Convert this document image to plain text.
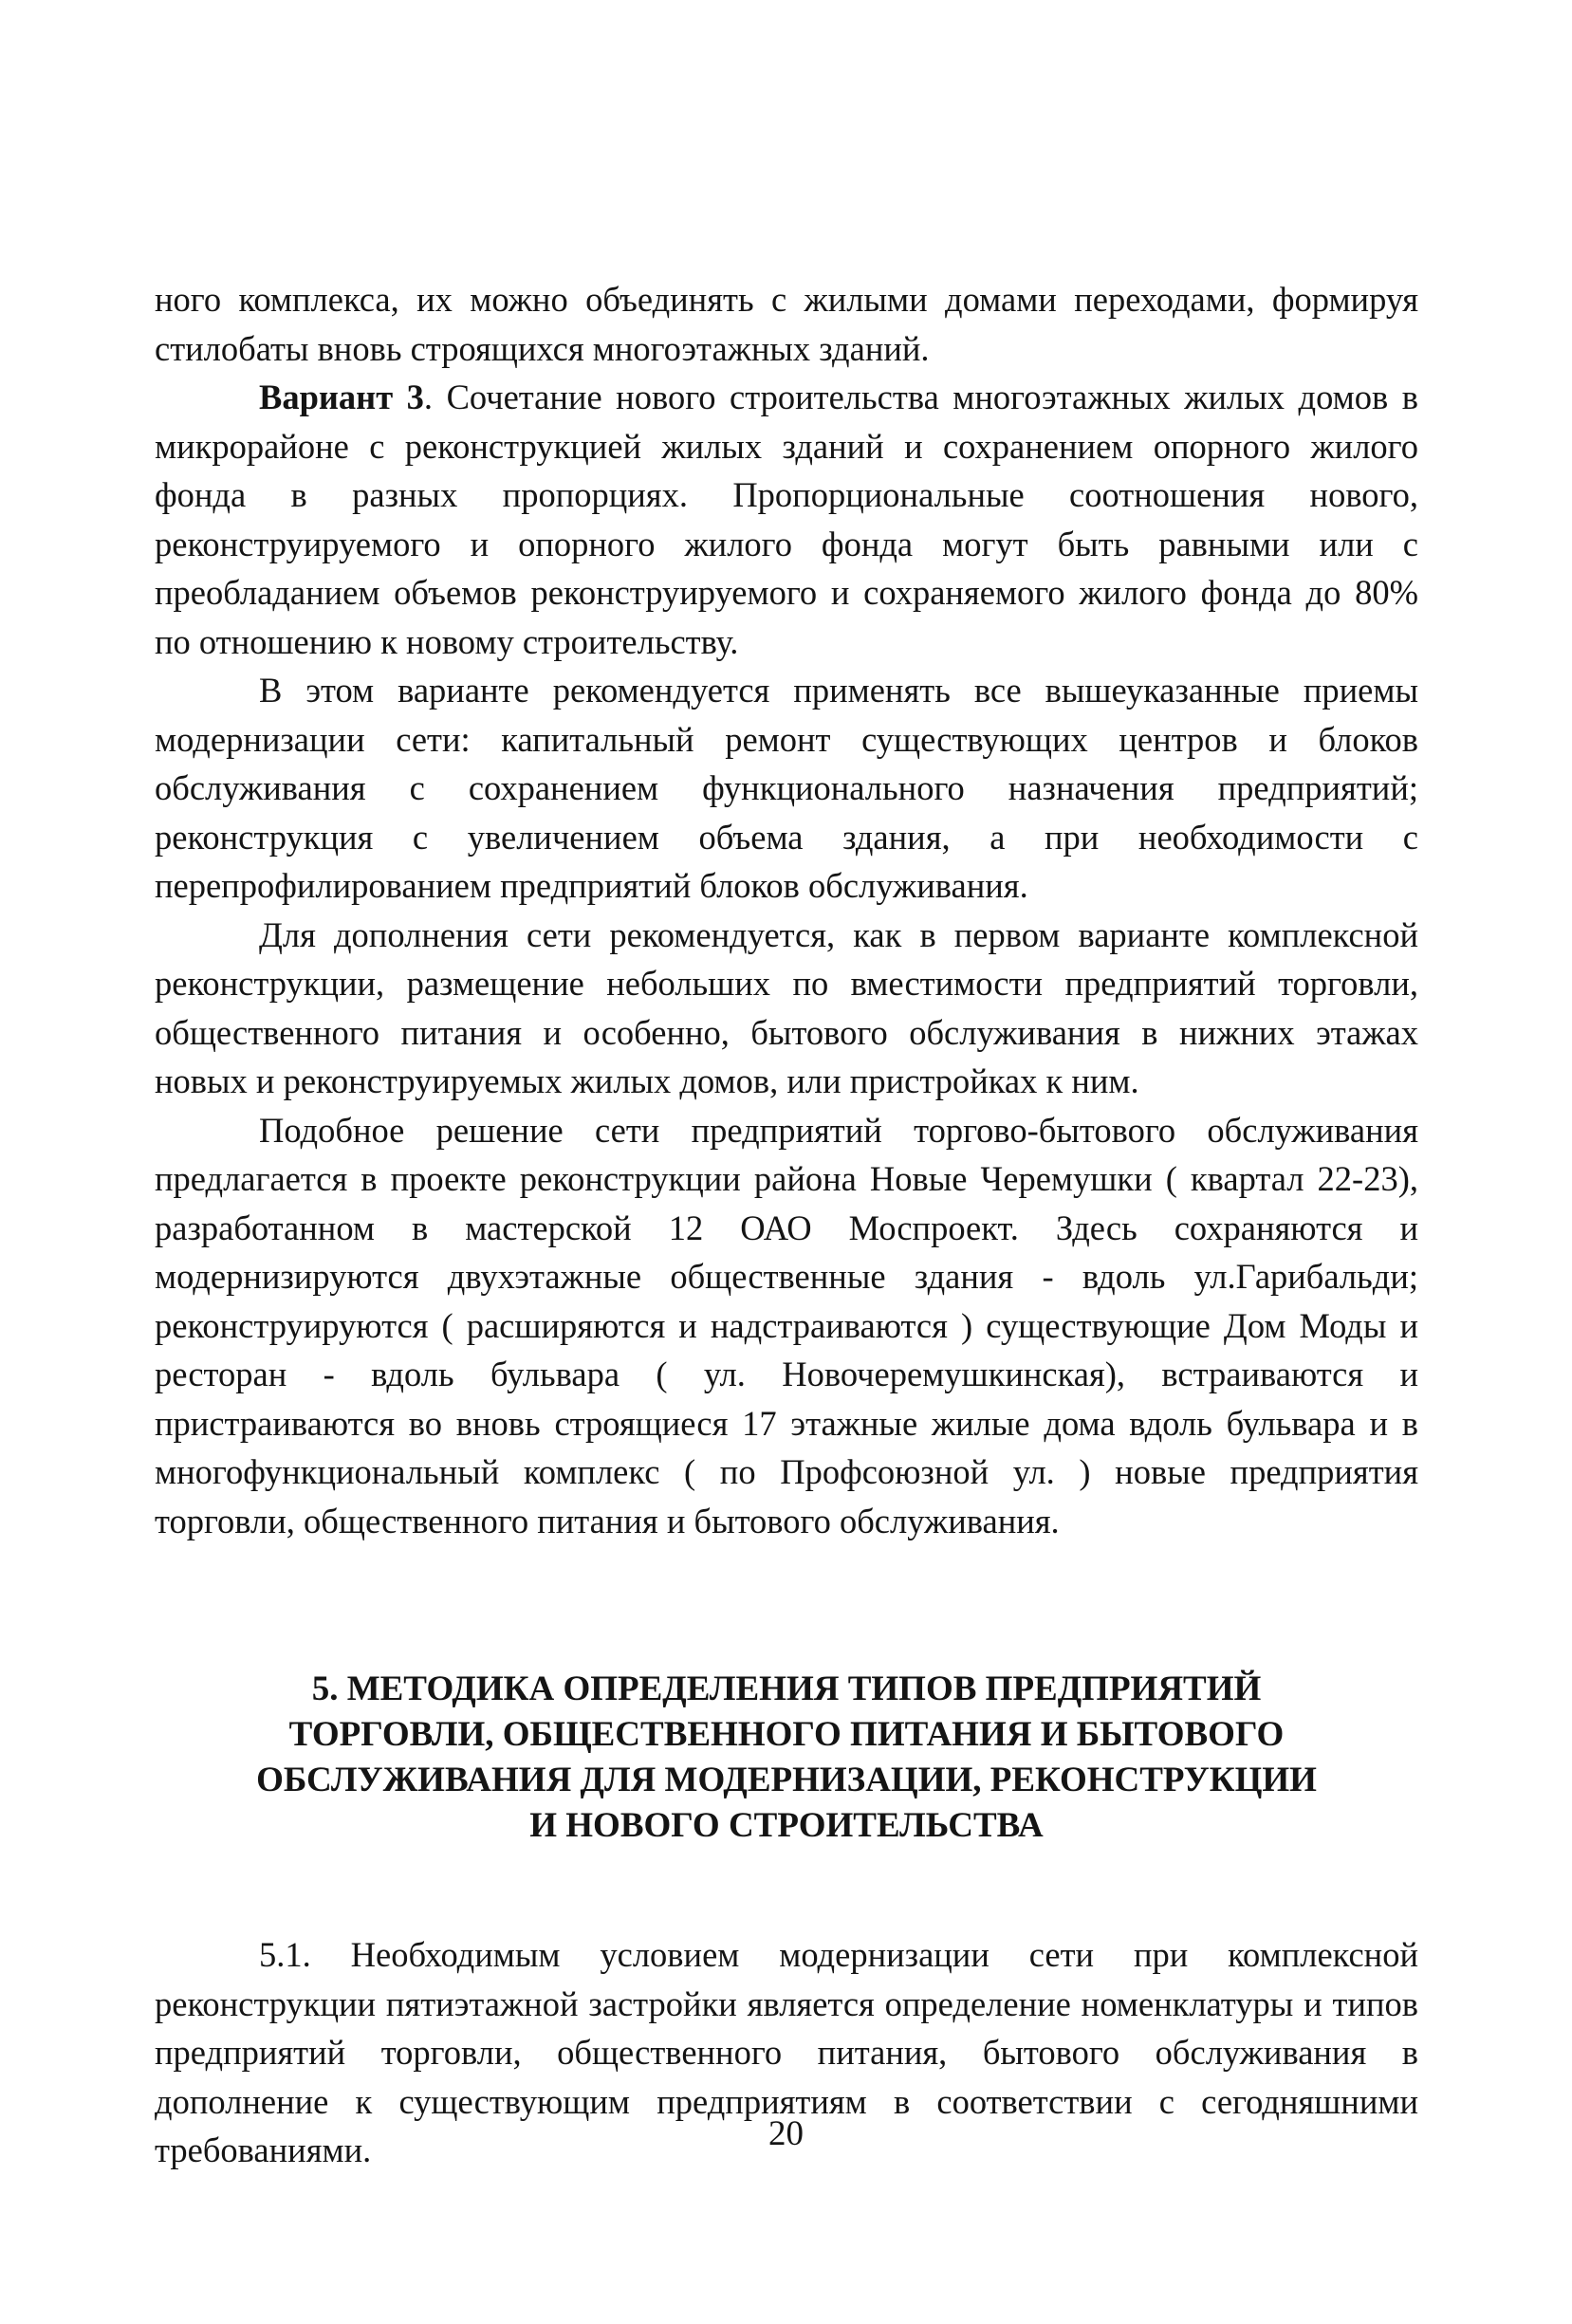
ного комплекса, их можно объединять с жилыми домами переходами, формируя стилобаты вновь строящихся многоэтажных зданий.

Вариант 3. Сочетание нового строительства многоэтажных жилых домов в микрорайоне с реконструкцией жилых зданий и сохранением опорного жилого фонда в разных пропорциях. Пропорциональные соотношения нового, реконструируемого и опорного жилого фонда могут быть равными или с преобладанием объемов реконструируемого и сохраняемого жилого фонда до 80% по отношению к новому строительству.

В этом варианте рекомендуется применять все вышеуказанные приемы модернизации сети: капитальный ремонт существующих центров и блоков обслуживания с сохранением функционального назначения предприятий; реконструкция с увеличением объема здания, а при необходимости с перепрофилированием предприятий блоков обслуживания.

Для дополнения сети рекомендуется, как в первом варианте комплексной реконструкции, размещение небольших по вместимости предприятий торговли, общественного питания и особенно, бытового обслуживания в нижних этажах новых и реконструируемых жилых домов, или пристройках к ним.

Подобное решение сети предприятий торгово-бытового обслуживания предлагается в проекте реконструкции района Новые Черемушки ( квартал 22-23), разработанном в мастерской 12 ОАО Моспроект. Здесь сохраняются и модернизируются двухэтажные общественные здания - вдоль ул.Гарибальди; реконструируются ( расширяются и надстраиваются ) существующие Дом Моды и ресторан - вдоль бульвара ( ул. Новочеремушкинская), встраиваются и пристраиваются во вновь строящиеся 17 этажные жилые дома вдоль бульвара и в многофункциональный комплекс ( по Профсоюзной ул. ) новые предприятия торговли, общественного питания и бытового обслуживания.

5. МЕТОДИКА ОПРЕДЕЛЕНИЯ ТИПОВ ПРЕДПРИЯТИЙ
ТОРГОВЛИ, ОБЩЕСТВЕННОГО ПИТАНИЯ И БЫТОВОГО
ОБСЛУЖИВАНИЯ ДЛЯ МОДЕРНИЗАЦИИ, РЕКОНСТРУКЦИИ
И НОВОГО СТРОИТЕЛЬСТВА

5.1. Необходимым условием модернизации сети при комплексной реконструкции пятиэтажной застройки является определение номенклатуры и типов предприятий торговли, общественного питания, бытового обслуживания в дополнение к существующим предприятиям в соответствии с сегодняшними требованиями.	20
